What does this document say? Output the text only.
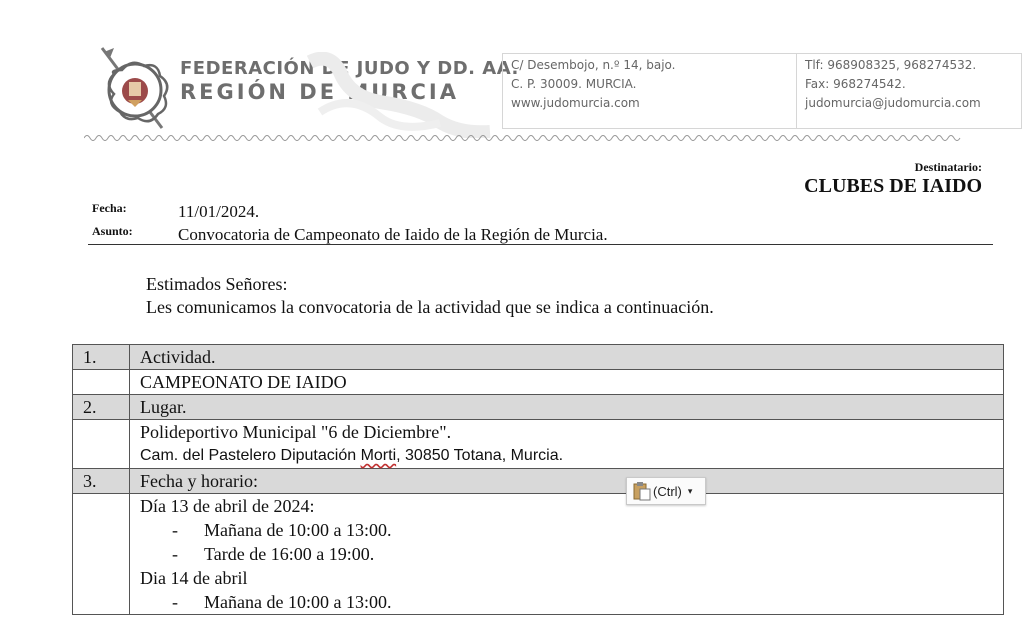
FEDERACIÓN DE JUDO Y DD. AA.
REGIÓN DE MURCIA
C/ Desembojo, n.º 14, bajo.
C. P. 30009. MURCIA.
www.judomurcia.com
Tlf: 968908325, 968274532.
Fax: 968274542.
judomurcia@judomurcia.com
Destinatario:
CLUBES DE IAIDO
Fecha:	11/01/2024.
Asunto:	Convocatoria de Campeonato de Iaido de la Región de Murcia.
Estimados Señores:
Les comunicamos la convocatoria de la actividad que se indica a continuación.
1.	Actividad.
	CAMPEONATO DE IAIDO
2.	Lugar.

	Polideportivo Municipal "6 de Diciembre".
Cam. del Pastelero Diputación Morti, 30850 Totana, Murcia.

3.	Fecha y horario:

	Día 13 de abril de 2024:
- Mañana de 10:00 a 13:00.
- Tarde de 16:00 a 19:00.
Dia 14 de abril
- Mañana de 10:00 a 13:00.
(Ctrl) ▾
